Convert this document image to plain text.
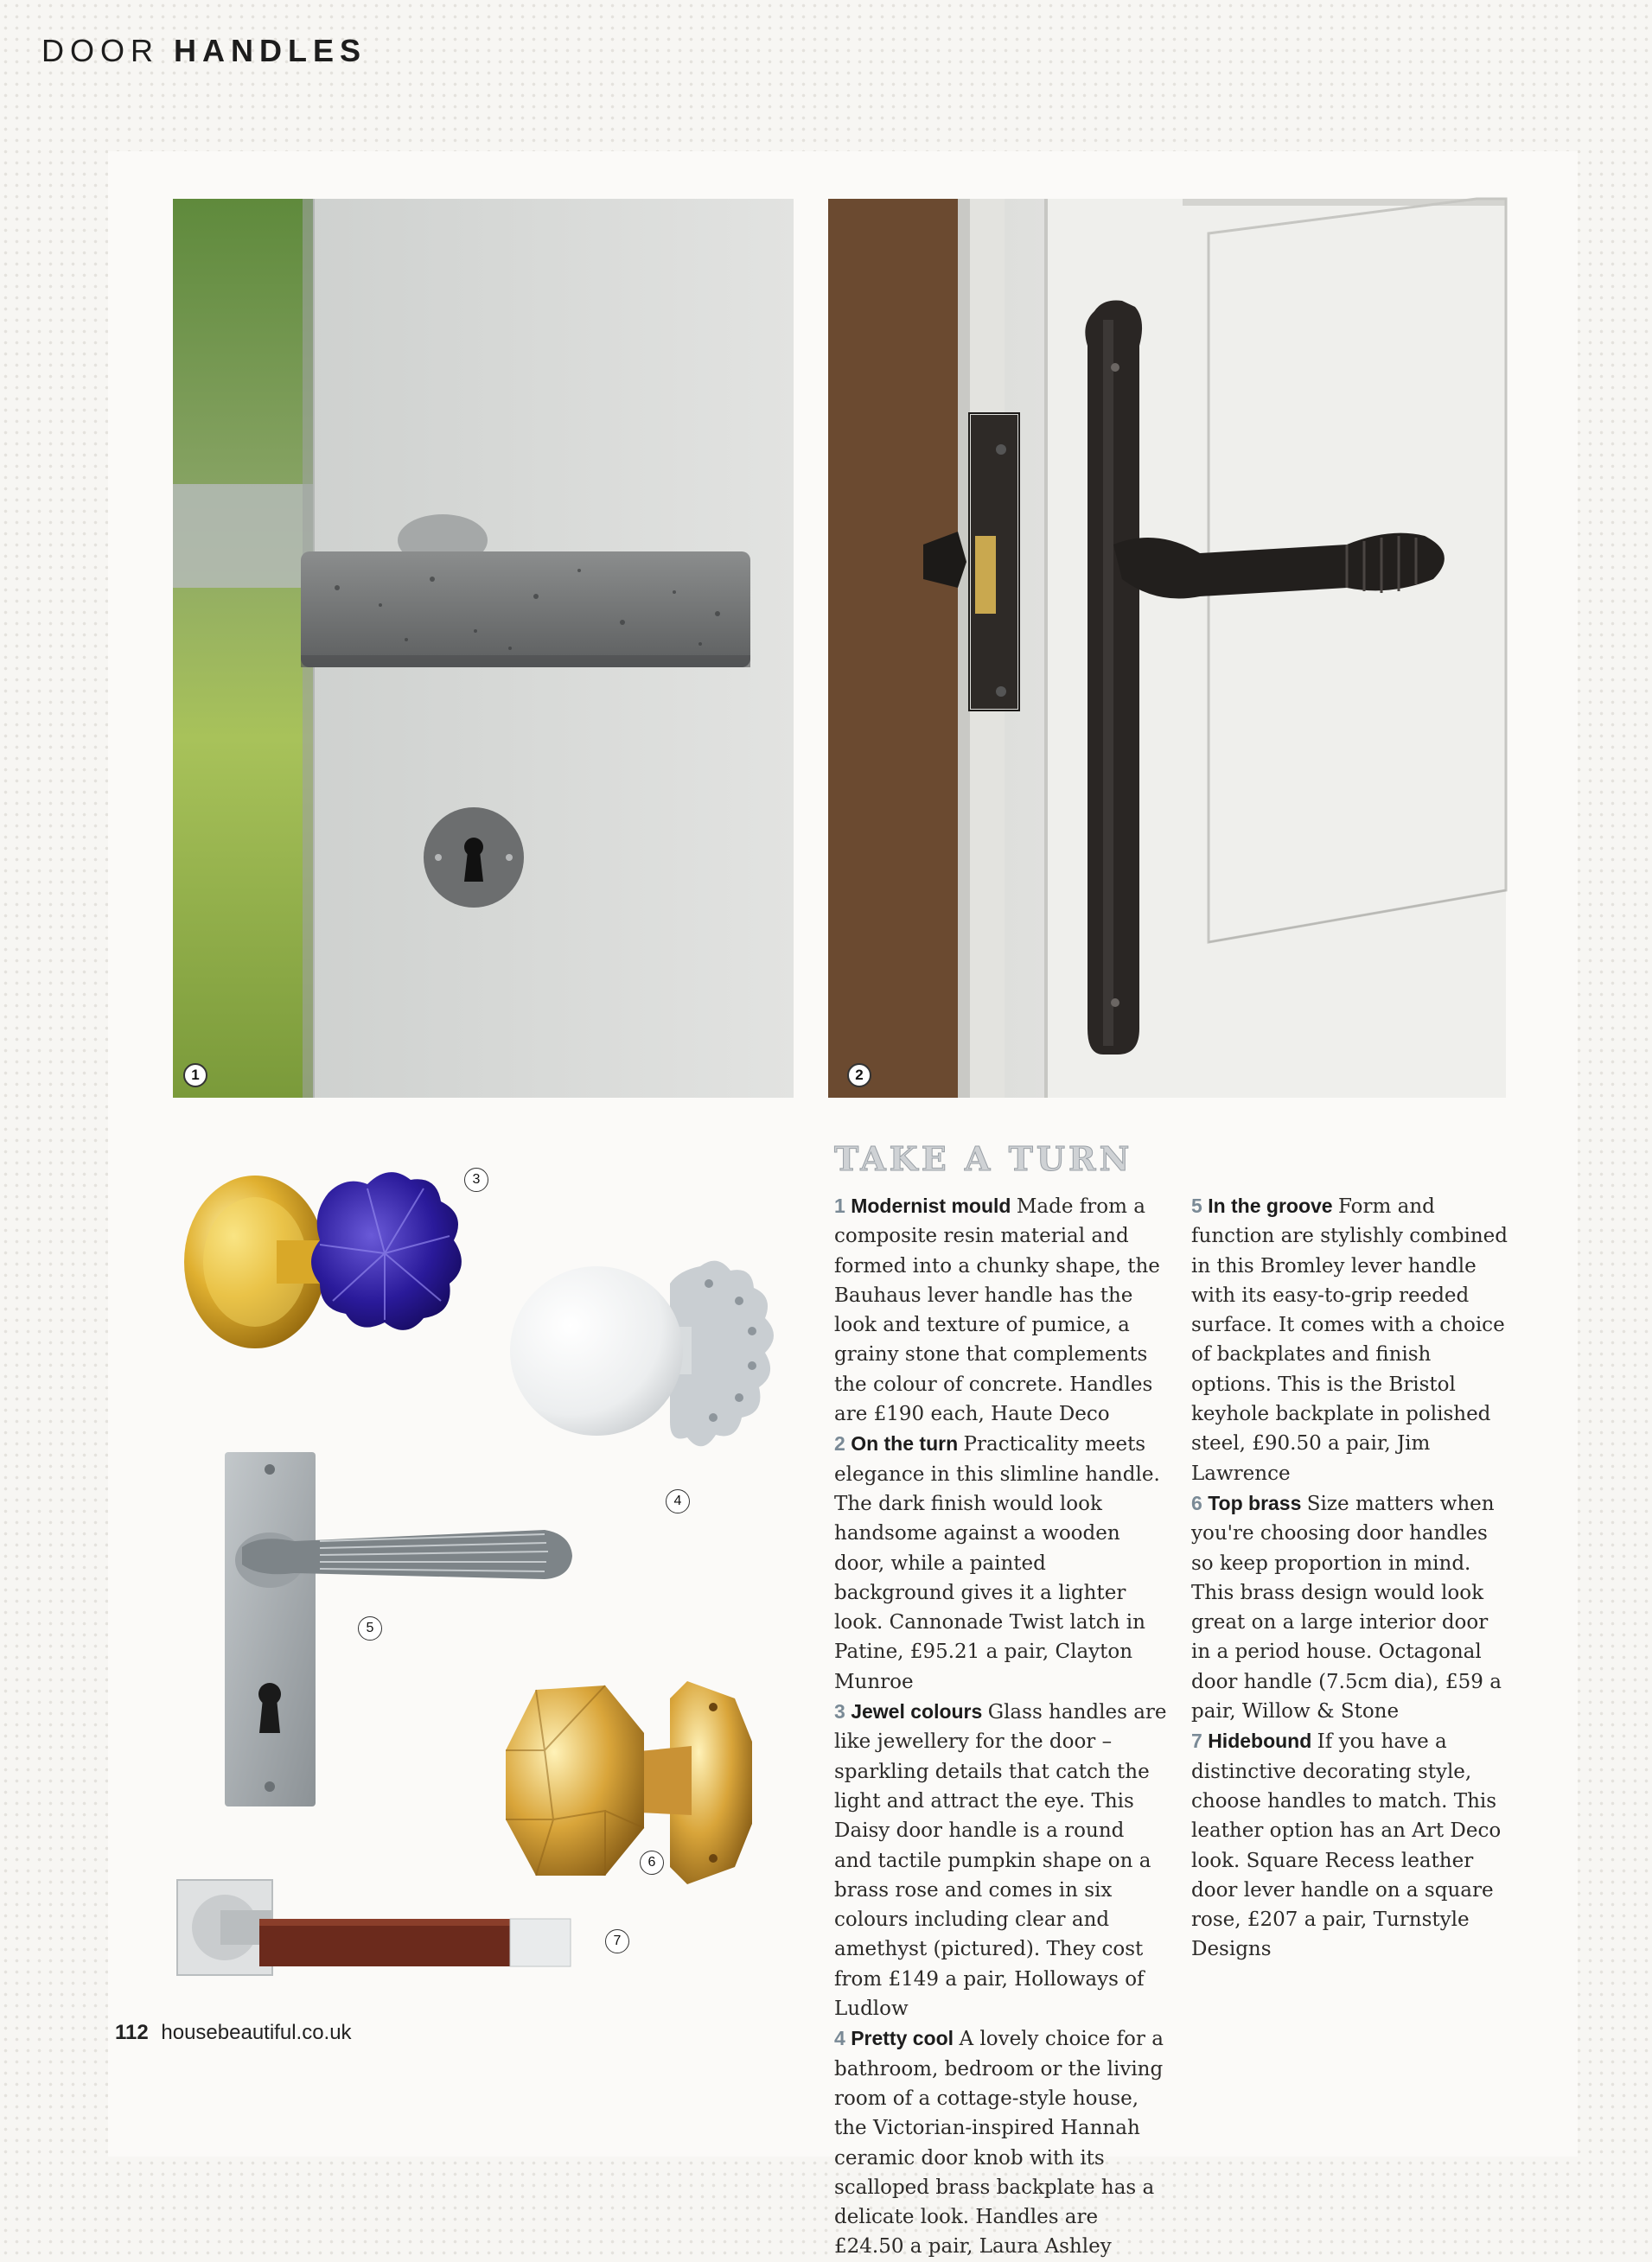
DOOR HANDLES
1	2
3
4
5
6
7
TAKE A TURN
1 Modernist mould Made from a composite resin material and formed into a chunky shape, the Bauhaus lever handle has the look and texture of pumice, a grainy stone that complements the colour of concrete. Handles are £190 each, Haute Deco
2 On the turn Practicality meets elegance in this slimline handle. The dark finish would look handsome against a wooden door, while a painted background gives it a lighter look. Cannonade Twist latch in Patine, £95.21 a pair, Clayton Munroe
3 Jewel colours Glass handles are like jewellery for the door – sparkling details that catch the light and attract the eye. This Daisy door handle is a round and tactile pumpkin shape on a brass rose and comes in six colours including clear and amethyst (pictured). They cost from £149 a pair, Holloways of Ludlow
4 Pretty cool A lovely choice for a bathroom, bedroom or the living room of a cottage-style house, the Victorian-inspired Hannah ceramic door knob with its scalloped brass backplate has a delicate look. Handles are £24.50 a pair, Laura Ashley
5 In the groove Form and function are stylishly combined in this Bromley lever handle with its easy-to-grip reeded surface. It comes with a choice of backplates and finish options. This is the Bristol keyhole backplate in polished steel, £90.50 a pair, Jim Lawrence
6 Top brass Size matters when you're choosing door handles so keep proportion in mind. This brass design would look great on a large interior door in a period house. Octagonal door handle (7.5cm dia), £59 a pair, Willow & Stone
7 Hidebound If you have a distinctive decorating style, choose handles to match. This leather option has an Art Deco look. Square Recess leather door lever handle on a square rose, £207 a pair, Turnstyle Designs
112 housebeautiful.co.uk
